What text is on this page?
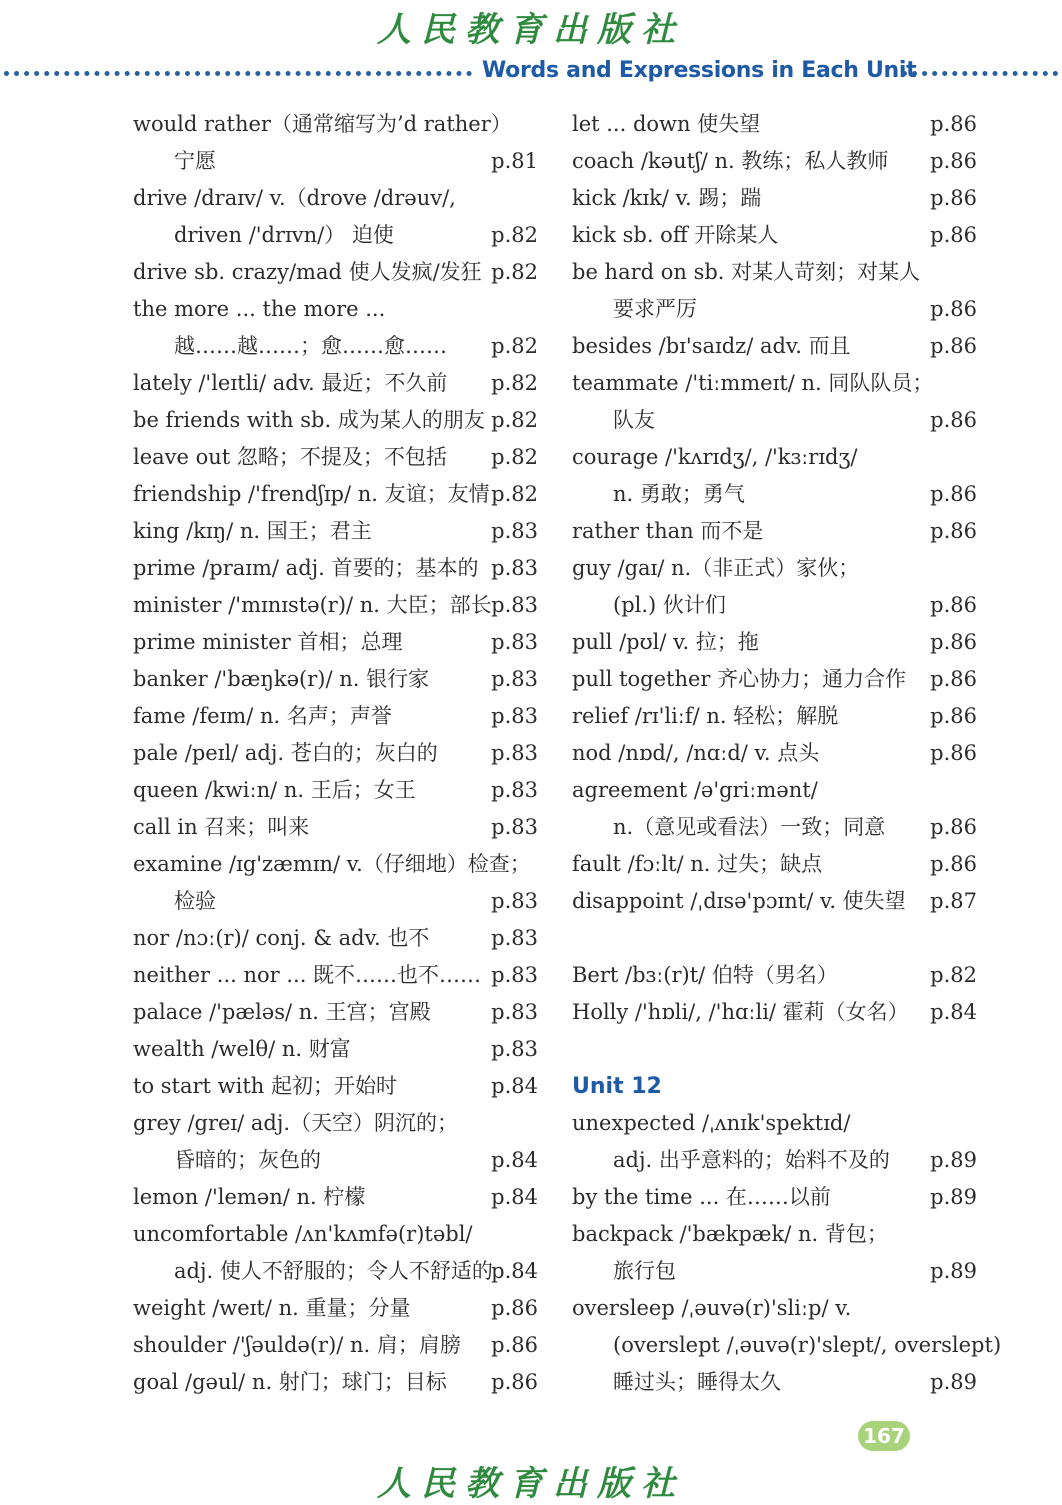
人民教育出版社
Words and Expressions in Each Unit
would rather（通常缩写为’d rather）
宁愿	p.81
drive /draɪv/ v.（drove /drəuv/,
driven /'drɪvn/） 迫使	p.82
drive sb. crazy/mad 使人发疯/发狂 p.82
the more ... the more ...
越……越……；愈……愈…… p.82
lately /'leɪtli/ adv. 最近；不久前 p.82
be friends with sb. 成为某人的朋友 p.82
leave out 忽略；不提及；不包括 p.82
friendship /'frendʃɪp/ n. 友谊；友情 p.82
king /kɪŋ/ n. 国王；君主	p.83
prime /praɪm/ adj. 首要的；基本的 p.83
minister /'mɪnɪstə(r)/ n. 大臣；部长 p.83
prime minister 首相；总理	p.83
banker /'bæŋkə(r)/ n. 银行家	p.83
fame /feɪm/ n. 名声；声誉	p.83
pale /peɪl/ adj. 苍白的；灰白的	p.83
queen /kwiːn/ n. 王后；女王	p.83
call in 召来；叫来	p.83
examine /ɪg'zæmɪn/ v.（仔细地）检查；
检验	p.83
nor /nɔː(r)/ conj. & adv. 也不	p.83
neither ... nor ... 既不……也不…… p.83
palace /'pæləs/ n. 王宫；宫殿	p.83
wealth /welθ/ n. 财富	p.83
to start with 起初；开始时	p.84
grey /greɪ/ adj.（天空）阴沉的；
昏暗的；灰色的	p.84
lemon /'lemən/ n. 柠檬	p.84
uncomfortable /ʌn'kʌmfə(r)təbl/
adj. 使人不舒服的；令人不舒适的
p.84
weight /weɪt/ n. 重量；分量	p.86
shoulder /'ʃəuldə(r)/ n. 肩；肩膀 p.86
goal /gəul/ n. 射门；球门；目标 p.86
let ... down 使失望	p.86
coach /kəutʃ/ n. 教练；私人教师 p.86
kick /kɪk/ v. 踢；踹	p.86
kick sb. off 开除某人	p.86
be hard on sb. 对某人苛刻；对某人
要求严厉	p.86
besides /bɪ'saɪdz/ adv. 而且	p.86
teammate /'tiːmmeɪt/ n. 同队队员；
队友	p.86
courage /'kʌrɪdʒ/, /'kɜːrɪdʒ/
n. 勇敢；勇气	p.86
rather than 而不是	p.86
guy /gaɪ/ n.（非正式）家伙；
(pl.) 伙计们	p.86
pull /pʊl/ v. 拉；拖	p.86
pull together 齐心协力；通力合作 p.86
relief /rɪ'liːf/ n. 轻松；解脱	p.86
nod /nɒd/, /nɑːd/ v. 点头	p.86
agreement /ə'griːmənt/
n.（意见或看法）一致；同意 p.86
fault /fɔːlt/ n. 过失；缺点	p.86
disappoint /ˌdɪsə'pɔɪnt/ v. 使失望 p.87
Bert /bɜː(r)t/ 伯特（男名）	p.82
Holly /'hɒli/, /'hɑːli/ 霍莉（女名） p.84
Unit 12
unexpected /ˌʌnɪk'spektɪd/
adj. 出乎意料的；始料不及的 p.89
by the time ... 在……以前	p.89
backpack /'bækpæk/ n. 背包；
旅行包	p.89
oversleep /ˌəuvə(r)'sliːp/ v.
(overslept /ˌəuvə(r)'slept/, overslept)
睡过头；睡得太久	p.89
167
人民教育出版社
